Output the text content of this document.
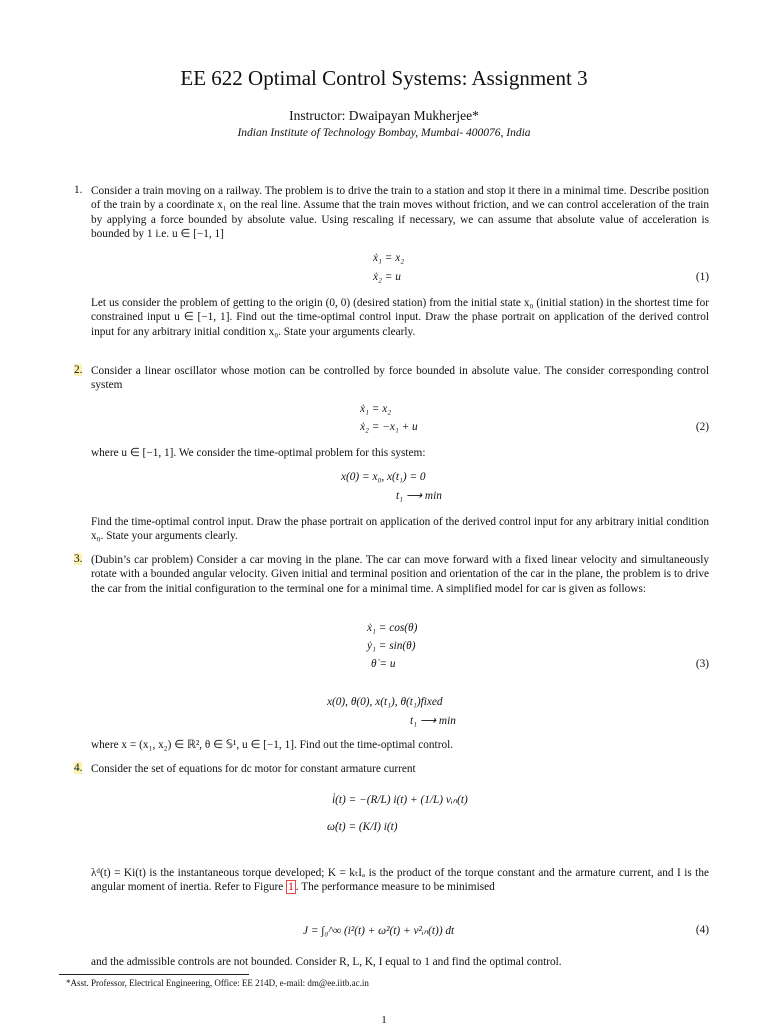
EE 622 Optimal Control Systems: Assignment 3
Instructor: Dwaipayan Mukherjee*
Indian Institute of Technology Bombay, Mumbai- 400076, India
1. Consider a train moving on a railway. The problem is to drive the train to a station and stop it there in a minimal time. Describe position of the train by a coordinate x₁ on the real line. Assume that the train moves without friction, and we can control acceleration of the train by applying a force bounded by absolute value. Using rescaling if necessary, we can assume that absolute value of acceleration is bounded by 1 i.e. u ∈ [−1, 1]
ẋ₁ = x₂
ẋ₂ = u	(1)
Let us consider the problem of getting to the origin (0, 0) (desired station) from the initial state x₀ (initial station) in the shortest time for constrained input u ∈ [−1, 1]. Find out the time-optimal control input. Draw the phase portrait on application of the derived control input for any arbitrary initial condition x₀. State your arguments clearly.
2. Consider a linear oscillator whose motion can be controlled by force bounded in absolute value. The consider corresponding control system
ẋ₁ = x₂
ẋ₂ = −x₁ + u	(2)
where u ∈ [−1, 1]. We consider the time-optimal problem for this system:
x(0) = x₀, x(t₁) = 0
t₁ ⟶ min
Find the time-optimal control input. Draw the phase portrait on application of the derived control input for any arbitrary initial condition x₀. State your arguments clearly.
3. (Dubin’s car problem) Consider a car moving in the plane. The car can move forward with a fixed linear velocity and simultaneously rotate with a bounded angular velocity. Given initial and terminal position and orientation of the car in the plane, the problem is to drive the car from the initial configuration to the terminal one for a minimal time. A simplified model for car is given as follows:
ẋ₁ = cos(θ)
ẏ₁ = sin(θ)
θ̇ = u	(3)
x(0), θ(0), x(t₁), θ(t₁)fixed
t₁ ⟶ min
where x = (x₁, x₂) ∈ ℝ², θ ∈ 𝕊¹, u ∈ [−1, 1]. Find out the time-optimal control.
4. Consider the set of equations for dc motor for constant armature current
i̇(t) = −(R/L) i(t) + (1/L) vᵢₙ(t)
ω̇(t) = (K/I) i(t)
λᵈ(t) = Ki(t) is the instantaneous torque developed; K = kₜIₐ is the product of the torque constant and the armature current, and I is the angular moment of inertia. Refer to Figure 1 . The performance measure to be minimised
J = ∫₀^∞ (i²(t) + ω²(t) + v²ᵢₙ(t)) dt	(4)
and the admissible controls are not bounded. Consider R, L, K, I equal to 1 and find the optimal control.
*Asst. Professor, Electrical Engineering, Office: EE 214D, e-mail: dm@ee.iitb.ac.in
1
